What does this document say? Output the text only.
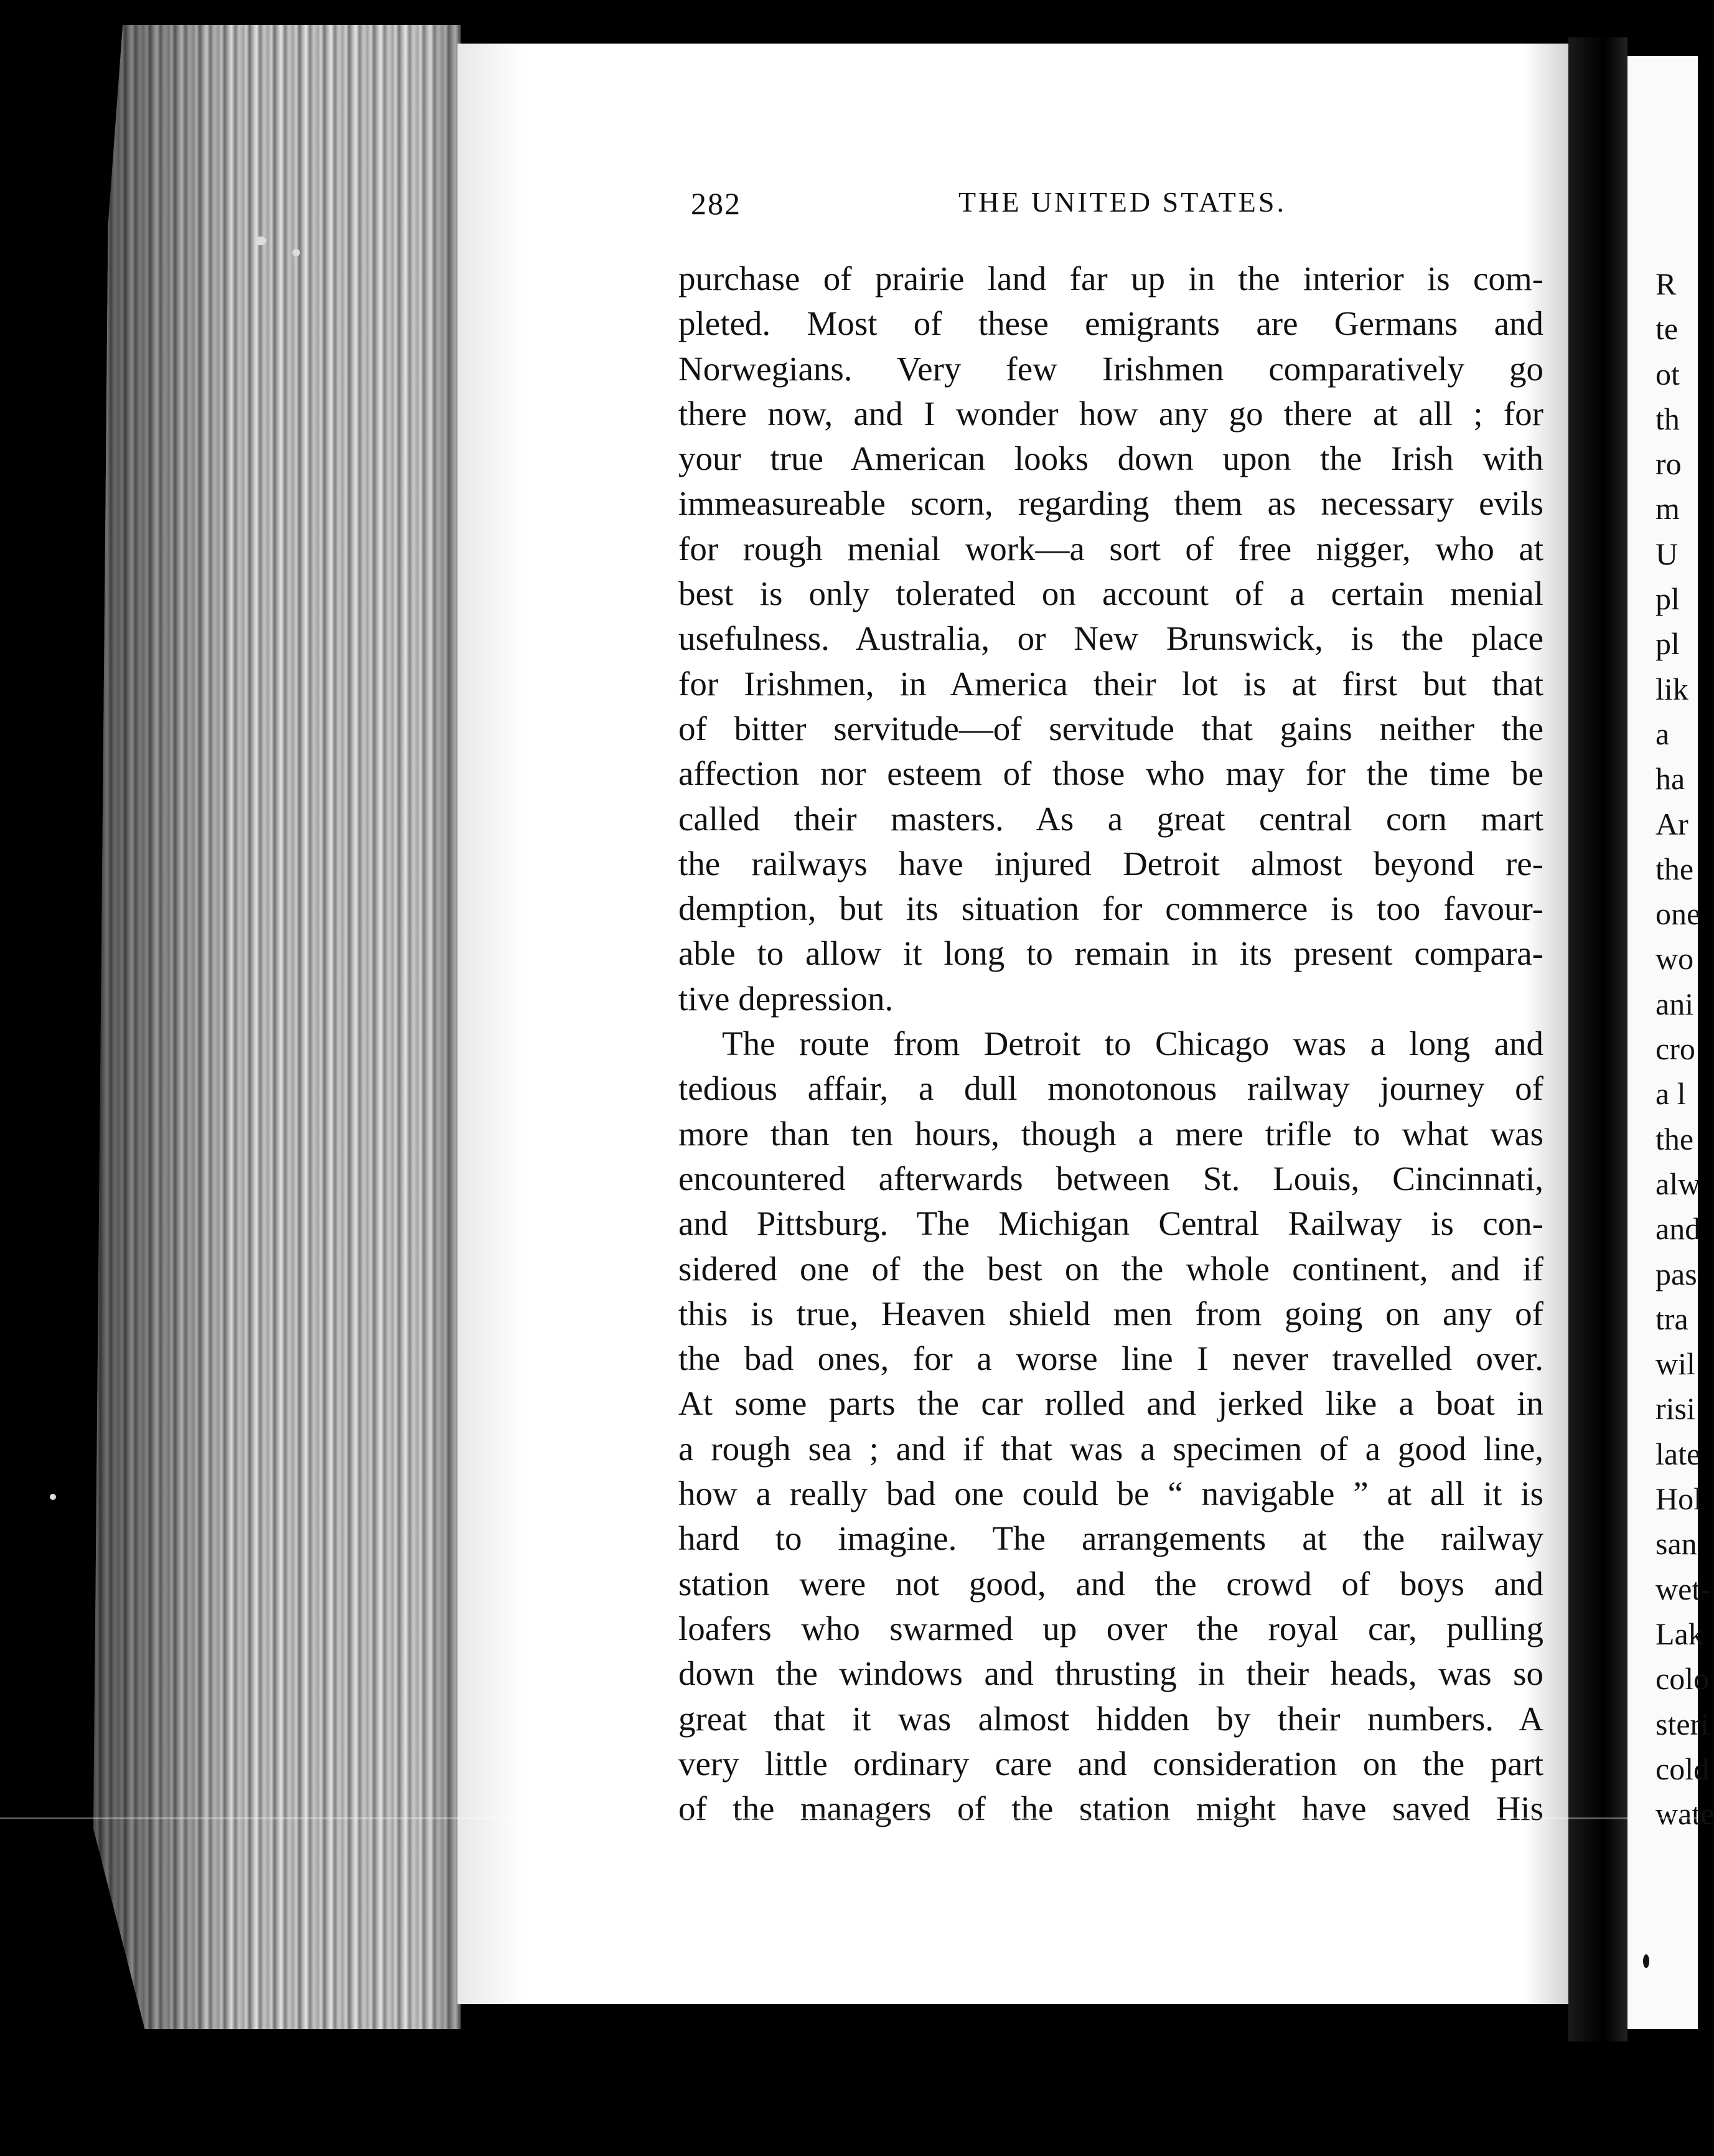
282	THE UNITED STATES.
purchase of prairie land far up in the interior is com-
pleted. Most of these emigrants are Germans and
Norwegians. Very few Irishmen comparatively go
there now, and I wonder how any go there at all ; for
your true American looks down upon the Irish with
immeasureable scorn, regarding them as necessary evils
for rough menial work—a sort of free nigger, who at
best is only tolerated on account of a certain menial
usefulness. Australia, or New Brunswick, is the place
for Irishmen, in America their lot is at first but that
of bitter servitude—of servitude that gains neither the
affection nor esteem of those who may for the time be
called their masters. As a great central corn mart
the railways have injured Detroit almost beyond re-
demption, but its situation for commerce is too favour-
able to allow it long to remain in its present compara-
tive depression.
The route from Detroit to Chicago was a long and
tedious affair, a dull monotonous railway journey of
more than ten hours, though a mere trifle to what was
encountered afterwards between St. Louis, Cincinnati,
and Pittsburg. The Michigan Central Railway is con-
sidered one of the best on the whole continent, and if
this is true, Heaven shield men from going on any of
the bad ones, for a worse line I never travelled over.
At some parts the car rolled and jerked like a boat in
a rough sea ; and if that was a specimen of a good line,
how a really bad one could be “ navigable ” at all it is
hard to imagine. The arrangements at the railway
station were not good, and the crowd of boys and
loafers who swarmed up over the royal car, pulling
down the windows and thrusting in their heads, was so
great that it was almost hidden by their numbers. A
very little ordinary care and consideration on the part
of the managers of the station might have saved His
R
te
ot
th
ro
m
U
pl
pl
lik
a
ha
Ar
the
one
wo
ani
cro
a l
the
alw
and
pas
tra
wil
risi
late
Hol
san
wet-
Lak
colo
steri
cold
wate
